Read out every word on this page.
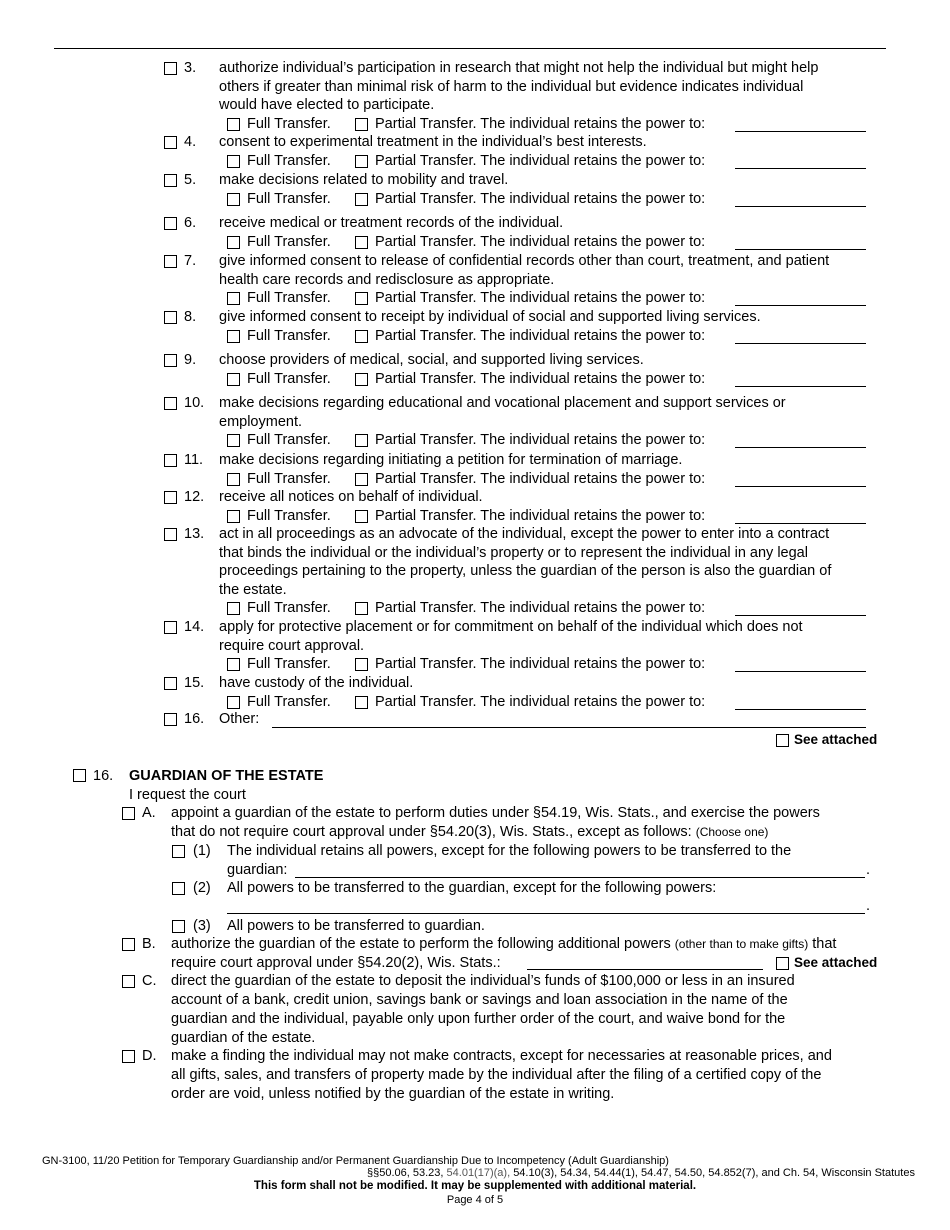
3. authorize individual’s participation in research that might not help the individual but might help
others if greater than minimal risk of harm to the individual but evidence indicates individual
would have elected to participate.
Full Transfer.	Partial Transfer. The individual retains the power to:
4. consent to experimental treatment in the individual’s best interests.
Full Transfer.	Partial Transfer. The individual retains the power to:
5. make decisions related to mobility and travel.
Full Transfer.	Partial Transfer. The individual retains the power to:
6. receive medical or treatment records of the individual.
Full Transfer.	Partial Transfer. The individual retains the power to:
7. give informed consent to release of confidential records other than court, treatment, and patient
health care records and redisclosure as appropriate.
Full Transfer.	Partial Transfer. The individual retains the power to:
8. give informed consent to receipt by individual of social and supported living services.
Full Transfer.	Partial Transfer. The individual retains the power to:
9. choose providers of medical, social, and supported living services.
Full Transfer.	Partial Transfer. The individual retains the power to:
10. make decisions regarding educational and vocational placement and support services or
employment.
Full Transfer.	Partial Transfer. The individual retains the power to:
11. make decisions regarding initiating a petition for termination of marriage.
Full Transfer.	Partial Transfer. The individual retains the power to:
12. receive all notices on behalf of individual.
Full Transfer.	Partial Transfer. The individual retains the power to:
13. act in all proceedings as an advocate of the individual, except the power to enter into a contract
that binds the individual or the individual’s property or to represent the individual in any legal
proceedings pertaining to the property, unless the guardian of the person is also the guardian of
the estate.
Full Transfer.	Partial Transfer. The individual retains the power to:
14. apply for protective placement or for commitment on behalf of the individual which does not
require court approval.
Full Transfer.	Partial Transfer. The individual retains the power to:
15. have custody of the individual.
Full Transfer.	Partial Transfer. The individual retains the power to:
16. Other:
See attached
16. GUARDIAN OF THE ESTATE
I request the court
A. appoint a guardian of the estate to perform duties under §54.19, Wis. Stats., and exercise the powers
that do not require court approval under §54.20(3), Wis. Stats., except as follows: (Choose one)
(1) The individual retains all powers, except for the following powers to be transferred to the
guardian:	.
(2) All powers to be transferred to the guardian, except for the following powers:
.
(3) All powers to be transferred to guardian.
B. authorize the guardian of the estate to perform the following additional powers (other than to make gifts) that
require court approval under §54.20(2), Wis. Stats.:	See attached
C. direct the guardian of the estate to deposit the individual’s funds of $100,000 or less in an insured
account of a bank, credit union, savings bank or savings and loan association in the name of the
guardian and the individual, payable only upon further order of the court, and waive bond for the
guardian of the estate.
D. make a finding the individual may not make contracts, except for necessaries at reasonable prices, and
all gifts, sales, and transfers of property made by the individual after the filing of a certified copy of the
order are void, unless notified by the guardian of the estate in writing.
GN-3100, 11/20 Petition for Temporary Guardianship and/or Permanent Guardianship Due to Incompetency (Adult Guardianship)
§§50.06, 53.23, 54.01(17)(a), 54.10(3), 54.34, 54.44(1), 54.47, 54.50, 54.852(7), and Ch. 54, Wisconsin Statutes
This form shall not be modified. It may be supplemented with additional material.
Page 4 of 5
